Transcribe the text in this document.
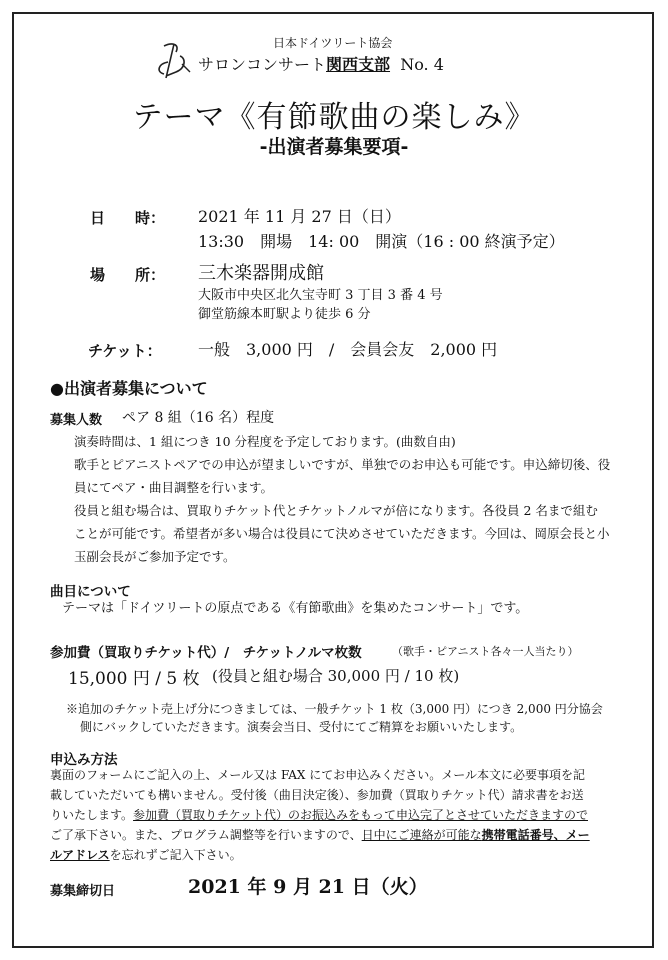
日本ドイツリート協会
サロンコンサート関西支部 No. 4
テーマ《有節歌曲の楽しみ》
-出演者募集要項-
日　　時： 2021 年 11 月 27 日（日）
13:30　開場　14: 00　開演（16 : 00 終演予定）
場　　所： 三木楽器開成館
大阪市中央区北久宝寺町 3 丁目 3 番 4 号
御堂筋線本町駅より徒歩 6 分
チケット： 一般　3,000 円　/　会員会友　2,000 円
●出演者募集について
募集人数 ペア 8 組（16 名）程度
演奏時間は、1 組につき 10 分程度を予定しております。(曲数自由)
歌手とピアニストペアでの申込が望ましいですが、単独でのお申込も可能です。申込締切後、役
員にてペア・曲目調整を行います。
役員と組む場合は、買取りチケット代とチケットノルマが倍になります。各役員 2 名まで組む
ことが可能です。希望者が多い場合は役員にて決めさせていただきます。今回は、岡原会長と小
玉副会長がご参加予定です。
曲目について
テーマは「ドイツリートの原点である《有節歌曲》を集めたコンサート」です。
参加費（買取りチケット代）/　チケットノルマ枚数	（歌手・ピアニスト各々一人当たり）
15,000 円 / 5 枚 (役員と組む場合 30,000 円 / 10 枚)
※追加のチケット売上げ分につきましては、一般チケット 1 枚（3,000 円）につき 2,000 円分協会
側にバックしていただきます。演奏会当日、受付にてご精算をお願いいたします。
申込み方法
裏面のフォームにご記入の上、メール又は FAX にてお申込みください。メール本文に必要事項を記
載していただいても構いません。受付後（曲目決定後）、参加費（買取りチケット代）請求書をお送
りいたします。参加費（買取りチケット代）のお振込みをもって申込完了とさせていただきますので
ご了承下さい。また、プログラム調整等を行いますので、日中にご連絡が可能な携帯電話番号、メー
ルアドレスを忘れずご記入下さい。
募集締切日	2021 年 9 月 21 日（火）
